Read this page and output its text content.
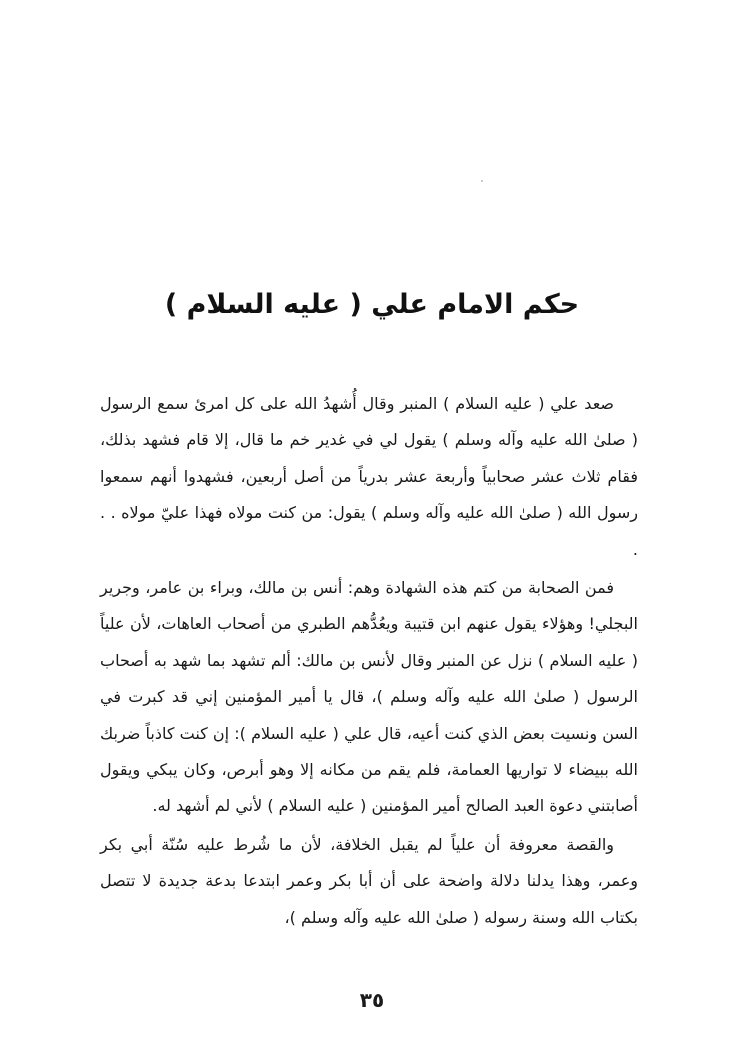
حكم الامام علي ( عليه السلام )

صعد علي ( عليه السلام ) المنبر وقال أُشهدُ الله على كل امرئ سمع الرسول ( صلىٰ الله عليه وآله وسلم ) يقول لي في غدير خم ما قال، إلا قام فشهد بذلك، فقام ثلاث عشر صحابياً وأربعة عشر بدرياً من أصل أربعين، فشهدوا أنهم سمعوا رسول الله ( صلىٰ الله عليه وآله وسلم ) يقول: من كنت مولاه فهذا عليّ مولاه . . .

فمن الصحابة من كتم هذه الشهادة وهم: أنس بن مالك، وبراء بن عامر، وجرير البجلي! وهؤلاء يقول عنهم ابن قتيبة ويعُدُّهم الطبري من أصحاب العاهات، لأن علياً ( عليه السلام ) نزل عن المنبر وقال لأنس بن مالك: ألم تشهد بما شهد به أصحاب الرسول ( صلىٰ الله عليه وآله وسلم )، قال يا أمير المؤمنين إني قد كبرت في السن ونسيت بعض الذي كنت أعيه، قال علي ( عليه السلام ): إن كنت كاذباً ضربك الله ببيضاء لا تواريها العمامة، فلم يقم من مكانه إلا وهو أبرص، وكان يبكي ويقول أصابتني دعوة العبد الصالح أمير المؤمنين ( عليه السلام ) لأني لم أشهد له.

والقصة معروفة أن علياً لم يقبل الخلافة، لأن ما شُرط عليه سُنّة أبي بكر وعمر، وهذا يدلنا دلالة واضحة على أن أبا بكر وعمر ابتدعا بدعة جديدة لا تتصل بكتاب الله وسنة رسوله ( صلىٰ الله عليه وآله وسلم )،

٣٥
